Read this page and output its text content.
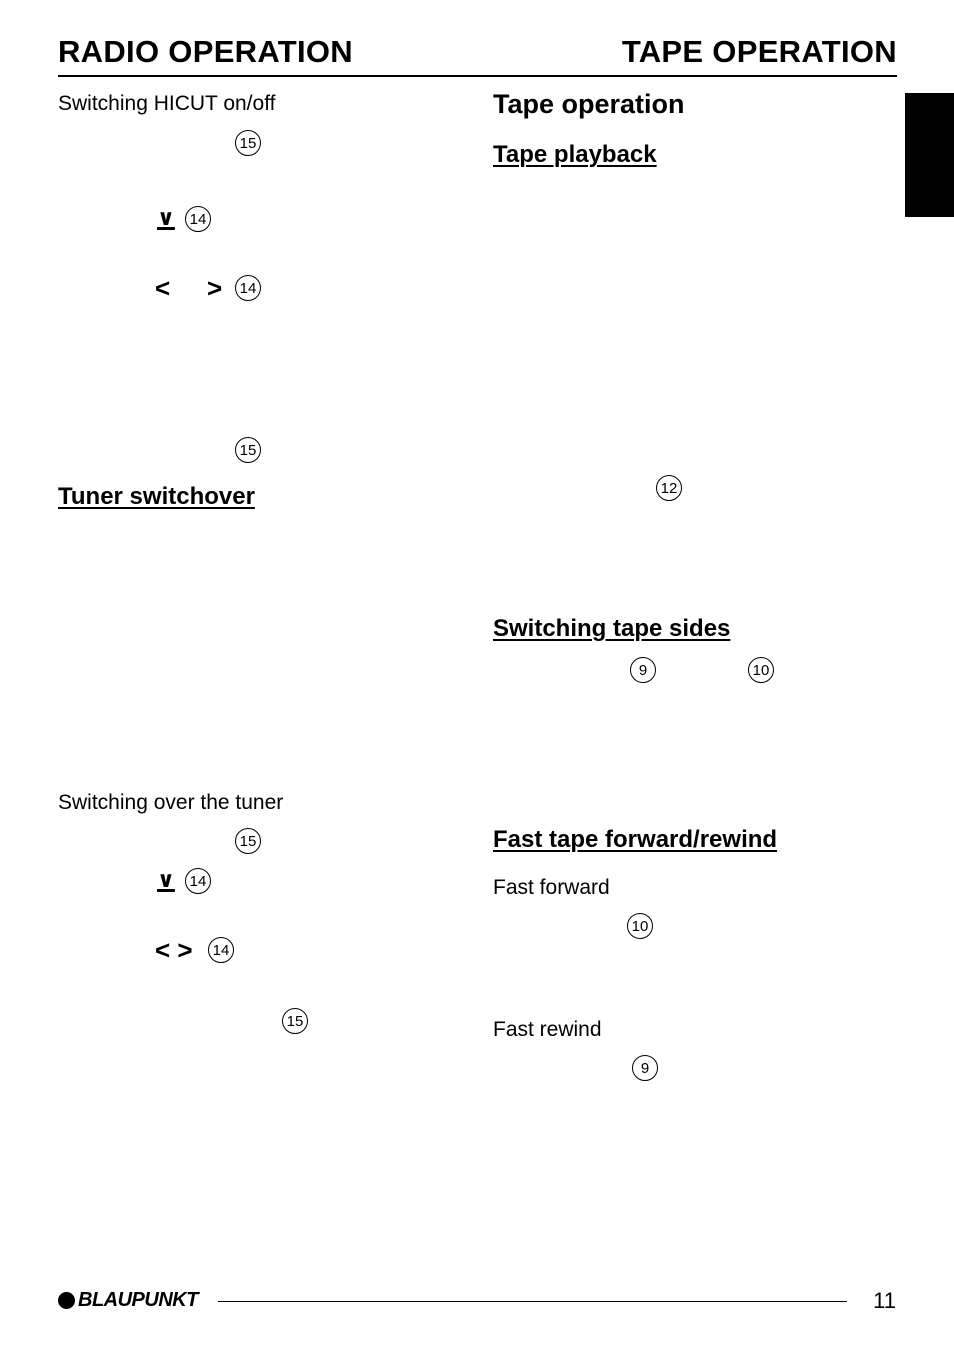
RADIO OPERATION	TAPE OPERATION
Switching HICUT on/off
15
∨ 14
< >	14
15
Tuner switchover
Switching over the tuner
15
∨ 14
< >	14
15
Tape operation
Tape playback
12
Switching tape sides
9	10
Fast tape forward/rewind
Fast forward
10
Fast rewind
9
BLAUPUNKT	11
